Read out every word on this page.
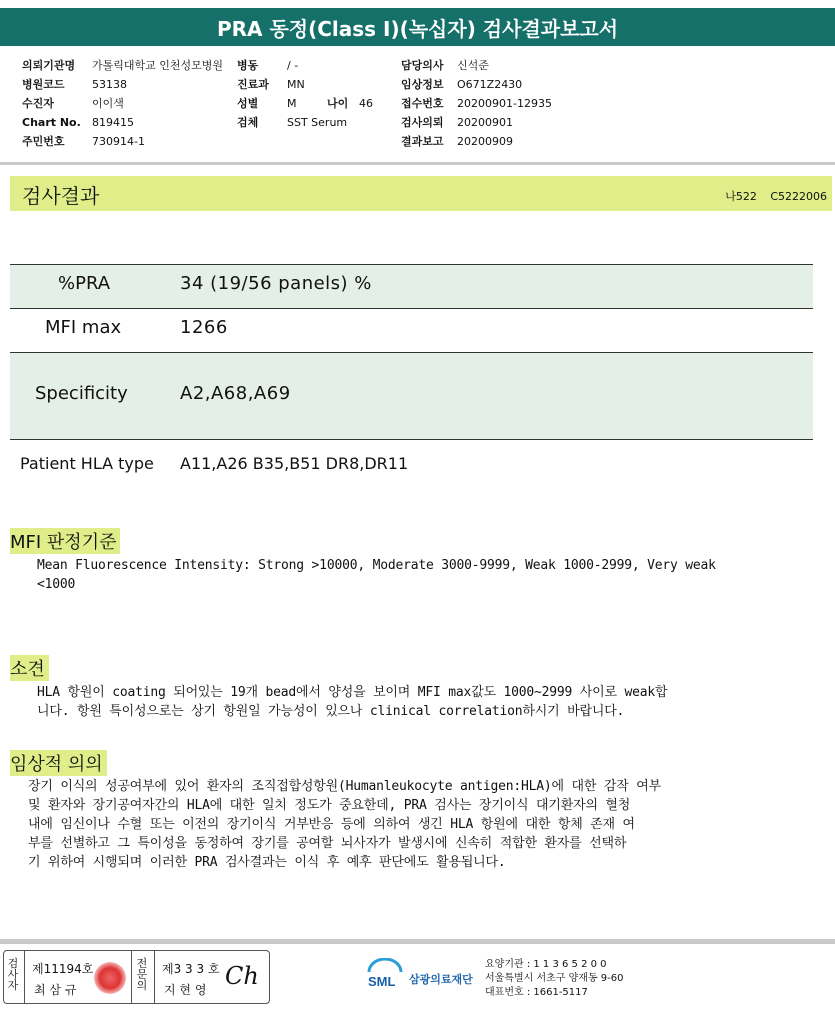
PRA 동정(Class I)(녹십자) 검사결과보고서
의뢰기관명 가톨릭대학교 인천성모병원
병원코드 53138
수진자	이이색
Chart No. 819415
주민번호 730914-1
병동	/ -
진료과 MN
검체	SST Serum
성별	M	나이 46
담당의사 신석준
임상정보 O671Z2430
접수번호 20200901-12935
검사의뢰 20200901
결과보고 20200909
검사결과	나522 C5222006
%PRA	34 (19/56 panels) %
MFI max	1266
Specificity	A2,A68,A69
Patient HLA type A11,A26 B35,B51 DR8,DR11
MFI 판정기준
Mean Fluorescence Intensity: Strong >10000, Moderate 3000-9999, Weak 1000-2999, Very weak
<1000
소견
HLA 항원이 coating 되어있는 19개 bead에서 양성을 보이며 MFI max값도 1000~2999 사이로 weak합
니다. 항원 특이성으로는 상기 항원일 가능성이 있으나 clinical correlation하시기 바랍니다.
임상적 의의
장기 이식의 성공여부에 있어 환자의 조직접합성항원(Humanleukocyte antigen:HLA)에 대한 감작 여부
및 환자와 장기공여자간의 HLA에 대한 일치 정도가 중요한데, PRA 검사는 장기이식 대기환자의 혈청
내에 임신이나 수혈 또는 이전의 장기이식 거부반응 등에 의하여 생긴 HLA 항원에 대한 항체 존재 여
부를 선별하고 그 특이성을 동정하여 장기를 공여할 뇌사자가 발생시에 신속히 적합한 환자를 선택하
기 위하여 시행되며 이러한 PRA 검사결과는 이식 후 예후 판단에도 활용됩니다.
검사자
제11194호
최 삼 규
전문의
제3 3 3 호
지 현 영 Ch	SML 삼광의료재단
요양기관 : 1 1 3 6 5 2 0 0
서울특별시 서초구 양재동 9-60
대표번호 : 1661-5117
